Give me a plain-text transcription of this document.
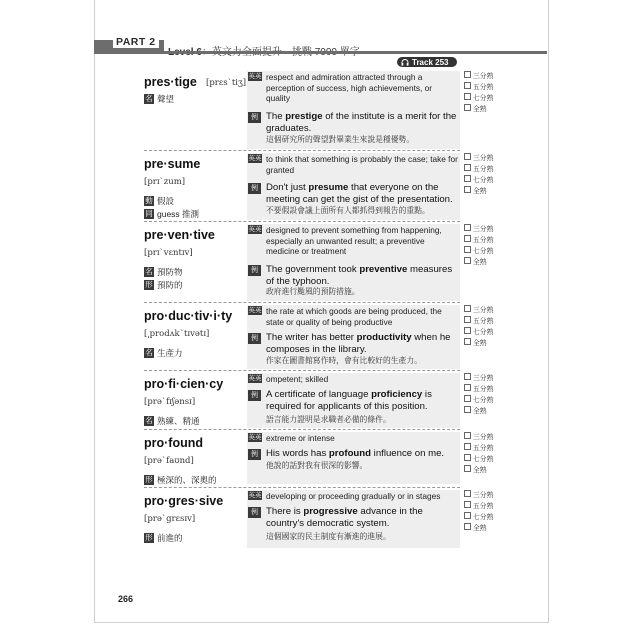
PART 2
Track 253
pres·tige [prɛsˋtiʒ]
名 聲望
英英 respect and admiration attracted through a perception of success, high achievements, or quality
例 The prestige of the institute is a merit for the graduates.
這個研究所的聲望對畢業生來說是種優勢。
三分熟
五分熟
七分熟
全熟
pre·sume
[prɪˋzum]
動 假設
同 guess 推測
英英 to think that something is probably the case; take for granted
例 Don't just presume that everyone on the meeting can get the gist of the presentation.
不要假設會議上面所有人都抓得到報告的重點。
三分熟
五分熟
七分熟
全熟
pre·ven·tive
[prɪˋvɛntɪv]
名 預防物
形 預防的
英英 designed to prevent something from happening, especially an unwanted result; a preventive medicine or treatment
例 The government took preventive measures of the typhoon.
政府進行颱風的預防措施。
三分熟
五分熟
七分熟
全熟
pro·duc·tiv·i·ty
[͵prodʌkˋtɪvətɪ]
名 生產力
英英 the rate at which goods are being produced, the state or quality of being productive
例 The writer has better productivity when he composes in the library.
作家在圖書館寫作時，會有比較好的生產力。
三分熟
五分熟
七分熟
全熟
pro·fi·cien·cy
[prəˋfɪʃənsɪ]
名 熟練、精通
英英 ompetent; skilled
例 A certificate of language proficiency is required for applicants of this position.
語言能力證明是求職者必備的條件。
三分熟
五分熟
七分熟
全熟
pro·found
[prəˋfaʊnd]
形 極深的、深奧的
英英 extreme or intense
例 His words has profound influence on me.
他說的話對我有很深的影響。
三分熟
五分熟
七分熟
全熟
pro·gres·sive
[prəˋgrɛsɪv]
形 前進的
英英 developing or proceeding gradually or in stages
例 There is progressive advance in the country's democratic system.
這個國家的民主制度有漸進的進展。
三分熟
五分熟
七分熟
全熟
266
